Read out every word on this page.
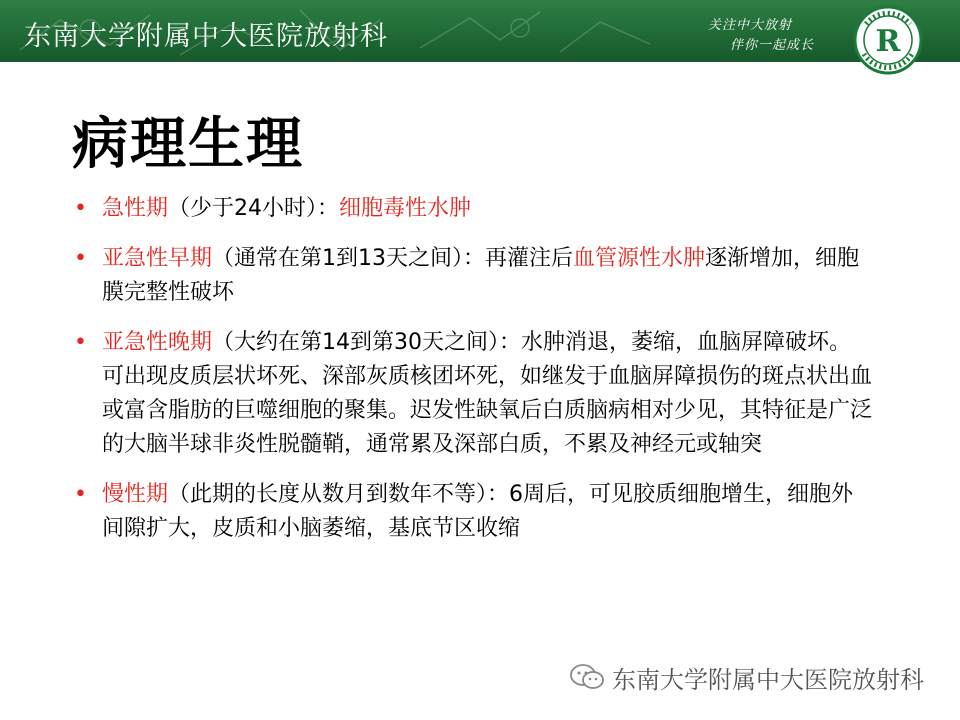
东南大学附属中大医院放射科	关注中大放射
伴你一起成长 R
病理生理
• 急性期（少于24小时）：细胞毒性水肿
• 亚急性早期（通常在第1到13天之间）：再灌注后血管源性水肿逐渐增加，细胞膜完整性破坏
• 亚急性晚期（大约在第14到第30天之间）：水肿消退，萎缩，血脑屏障破坏。可出现皮质层状坏死、深部灰质核团坏死，如继发于血脑屏障损伤的斑点状出血或富含脂肪的巨噬细胞的聚集。迟发性缺氧后白质脑病相对少见，其特征是广泛的大脑半球非炎性脱髓鞘，通常累及深部白质，不累及神经元或轴突
• 慢性期（此期的长度从数月到数年不等）：6周后，可见胶质细胞增生，细胞外间隙扩大，皮质和小脑萎缩，基底节区收缩
东南大学附属中大医院放射科
